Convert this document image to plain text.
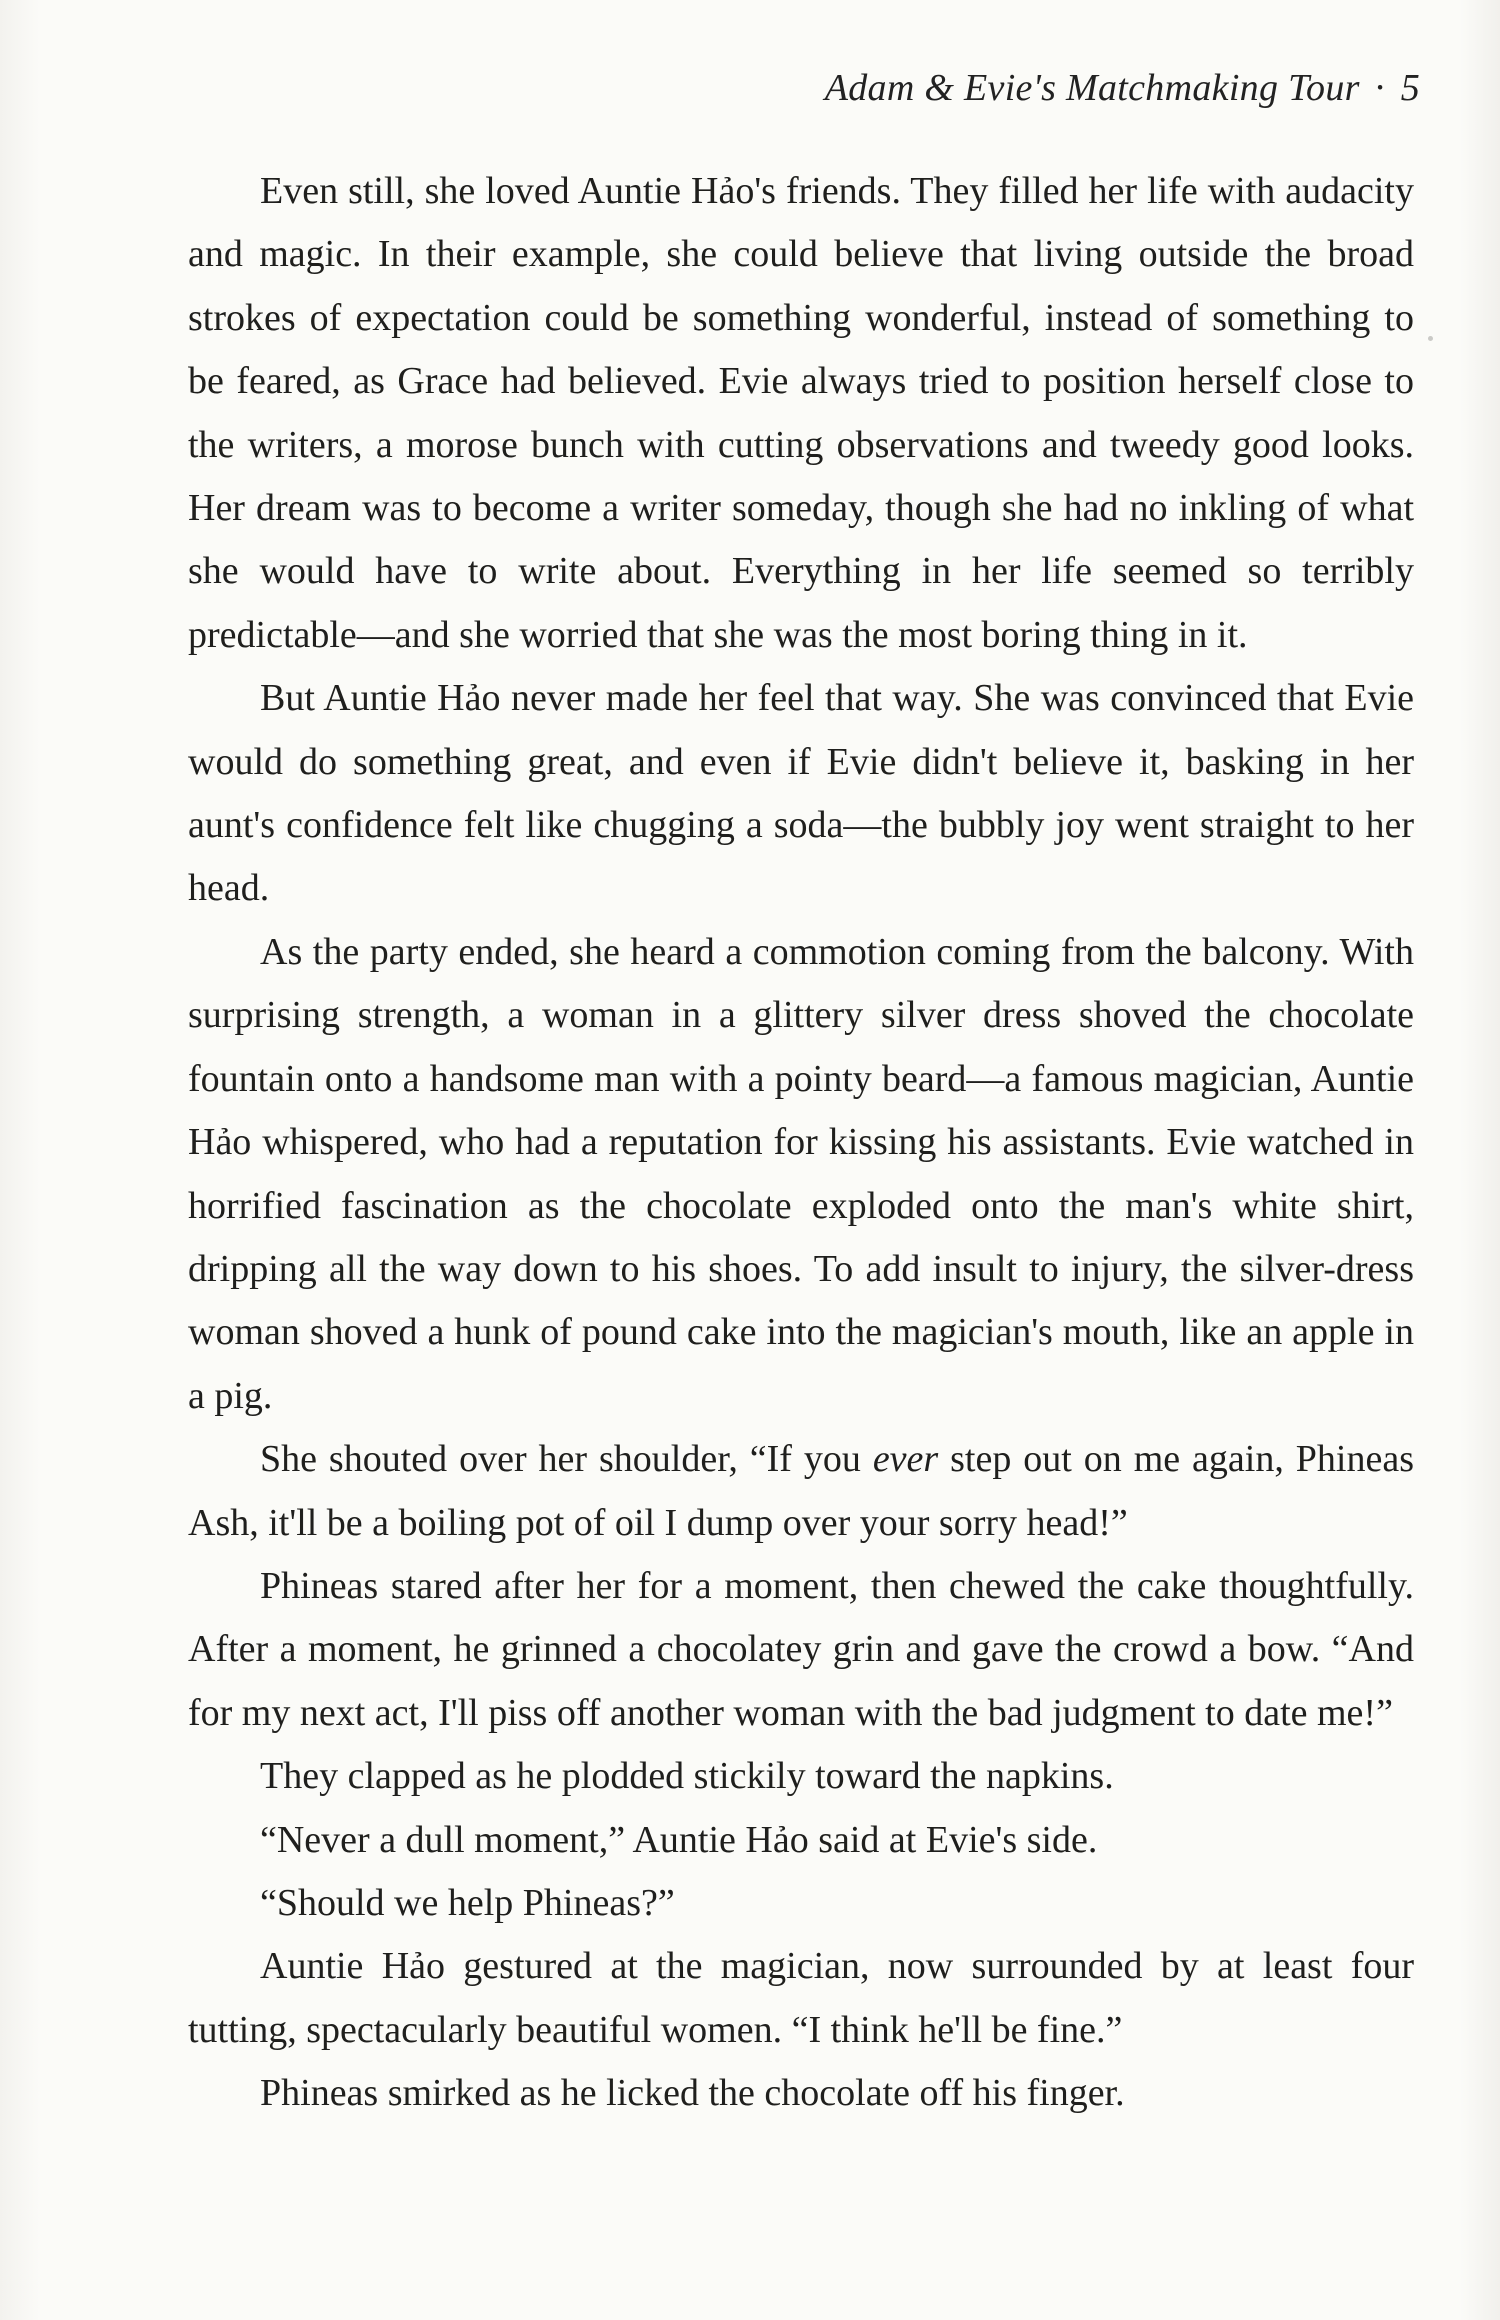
Adam & Evie's Matchmaking Tour · 5

Even still, she loved Auntie Hảo's friends. They filled her life with audacity and magic. In their example, she could believe that living outside the broad strokes of expectation could be something wonderful, instead of something to be feared, as Grace had believed. Evie always tried to position herself close to the writers, a morose bunch with cutting observations and tweedy good looks. Her dream was to become a writer someday, though she had no inkling of what she would have to write about. Everything in her life seemed so terribly predictable—and she worried that she was the most boring thing in it.

But Auntie Hảo never made her feel that way. She was convinced that Evie would do something great, and even if Evie didn't believe it, basking in her aunt's confidence felt like chugging a soda—the bubbly joy went straight to her head.

As the party ended, she heard a commotion coming from the balcony. With surprising strength, a woman in a glittery silver dress shoved the chocolate fountain onto a handsome man with a pointy beard—a famous magician, Auntie Hảo whispered, who had a reputation for kissing his assistants. Evie watched in horrified fascination as the chocolate exploded onto the man's white shirt, dripping all the way down to his shoes. To add insult to injury, the silver-dress woman shoved a hunk of pound cake into the magician's mouth, like an apple in a pig.

She shouted over her shoulder, “If you ever step out on me again, Phineas Ash, it'll be a boiling pot of oil I dump over your sorry head!”

Phineas stared after her for a moment, then chewed the cake thoughtfully. After a moment, he grinned a chocolatey grin and gave the crowd a bow. “And for my next act, I'll piss off another woman with the bad judgment to date me!”

They clapped as he plodded stickily toward the napkins.

“Never a dull moment,” Auntie Hảo said at Evie's side.

“Should we help Phineas?”

Auntie Hảo gestured at the magician, now surrounded by at least four tutting, spectacularly beautiful women. “I think he'll be fine.”

Phineas smirked as he licked the chocolate off his finger.
